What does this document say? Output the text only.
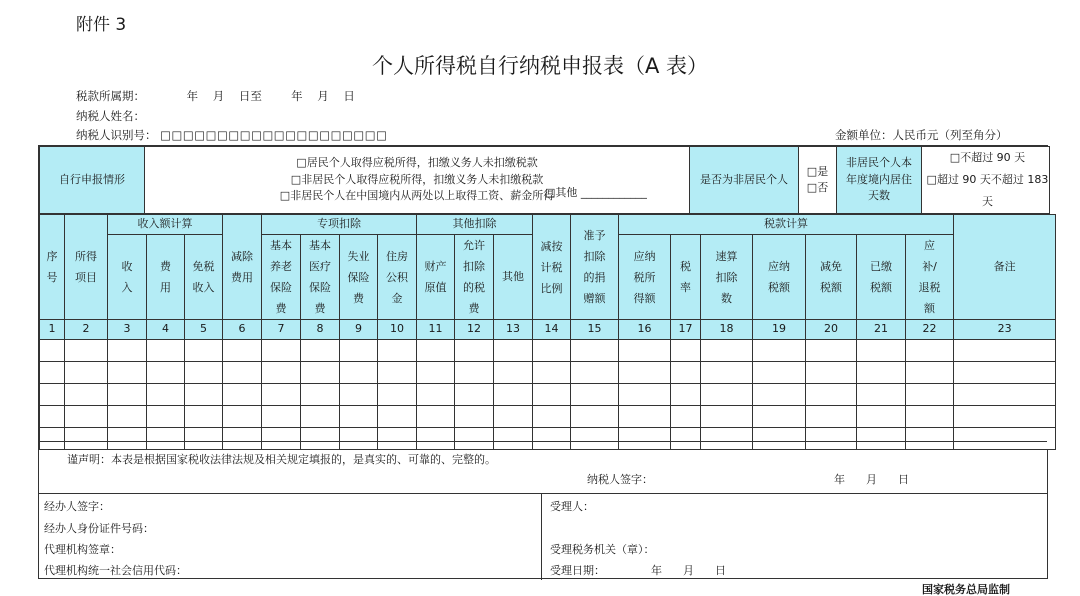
附件 3
个人所得税自行纳税申报表（A 表）
税款所属期：	年    月    日至        年    月    日
纳税人姓名：
纳税人识别号： □□□□□□□□□□□□□□□□□□□□	金额单位：人民币元（列至角分）
自行申报情形	
□居民个人取得应税所得，扣缴义务人未扣缴税款
□非居民个人取得应税所得，扣缴义务人未扣缴税款
□非居民个人在中国境内从两处以上取得工资、薪金所得
□其他 ____________
	是否为非居民个人	
□是
□否
	非居民个人本年度境内居住天数	
□不超过 90 天
□超过 90 天不超过 183 天
序号	所得项目	收入额计算			减除费用	专项扣除				其他扣除			减按计税比例	准予扣除的捐赠额	税款计算							备注
		收入	费用	免税收入		基本养老保险费	基本医疗保险费	失业保险费	住房公积金	财产原值	允许扣除的税费	其他			应纳税所得额	税率	速算扣除数	应纳税额	减免税额	已缴税额	应补/退税额	
1	2	3	4	5	6	7	8	9	10	11	12	13	14	15	16	17	18	19	20	21	22	23

谨声明：本表是根据国家税收法律法规及相关规定填报的，是真实的、可靠的、完整的。
纳税人签字：	年      月      日
经办人签字：
经办人身份证件号码：
代理机构签章：
代理机构统一社会信用代码：
受理人：
受理税务机关（章）：
受理日期：	年      月      日
国家税务总局监制
